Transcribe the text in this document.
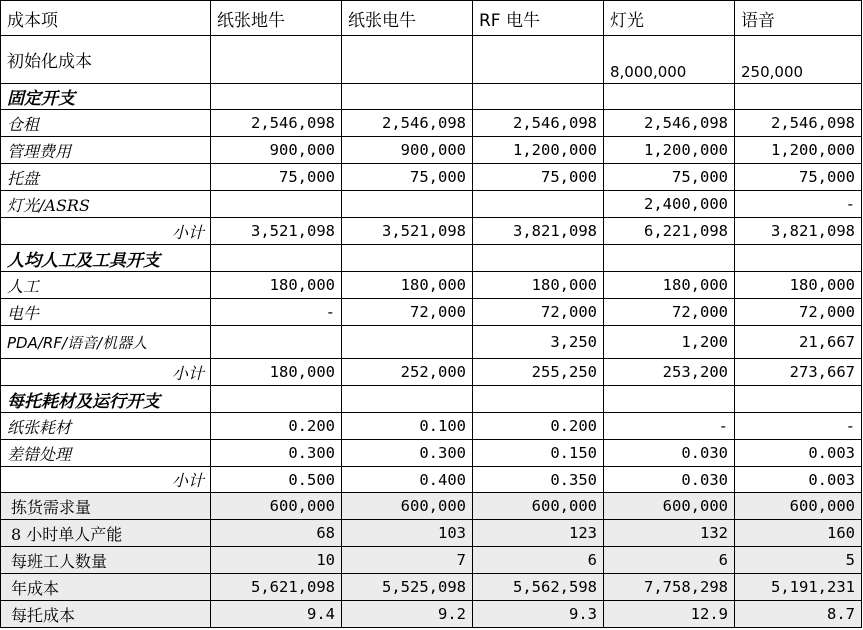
成本项	纸张地牛	纸张电牛	RF 电牛	灯光	语音
初始化成本				8,000,000	250,000
固定开支					
仓租	2,546,098	2,546,098	2,546,098	2,546,098	2,546,098
管理费用	900,000	900,000	1,200,000	1,200,000	1,200,000
托盘	75,000	75,000	75,000	75,000	75,000
灯光/ASRS				2,400,000	-
小计	3,521,098	3,521,098	3,821,098	6,221,098	3,821,098
人均人工及工具开支					
人工	180,000	180,000	180,000	180,000	180,000
电牛	-	72,000	72,000	72,000	72,000
PDA/RF/语音/机器人			3,250	1,200	21,667
小计	180,000	252,000	255,250	253,200	273,667
每托耗材及运行开支					
纸张耗材	0.200	0.100	0.200	-	-
差错处理	0.300	0.300	0.150	0.030	0.003
小计	0.500	0.400	0.350	0.030	0.003
拣货需求量	600,000	600,000	600,000	600,000	600,000
8 小时单人产能	68	103	123	132	160
每班工人数量	10	7	6	6	5
年成本	5,621,098	5,525,098	5,562,598	7,758,298	5,191,231
每托成本	9.4	9.2	9.3	12.9	8.7
